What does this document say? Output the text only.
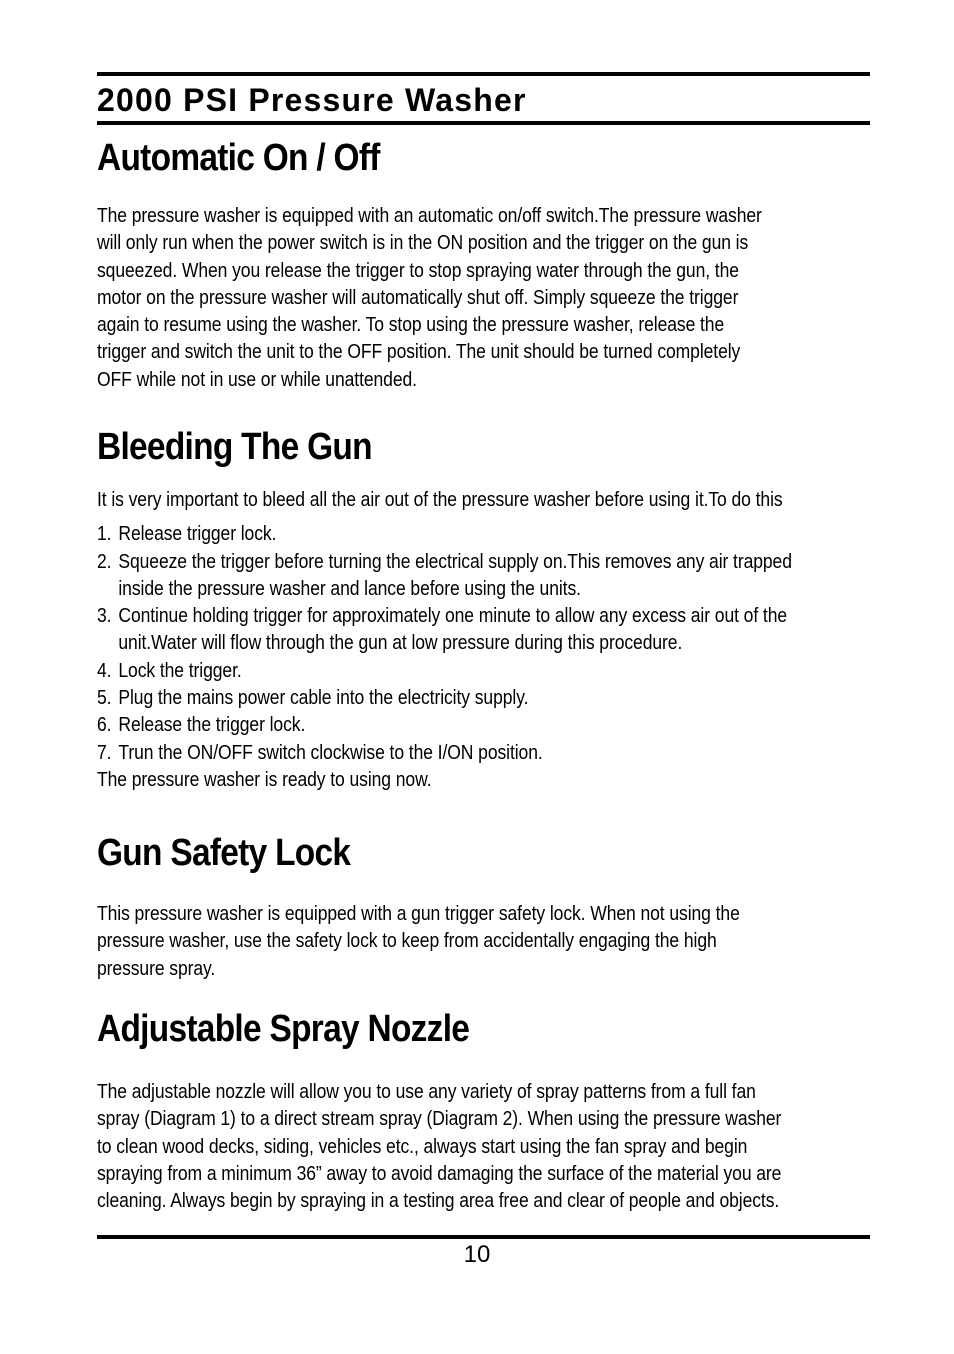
2000 PSI Pressure Washer
Automatic On / Off
The pressure washer is equipped with an automatic on/off switch.The pressure washer
will only run when the power switch is in the ON position and the trigger on the gun is
squeezed. When you release the trigger to stop spraying water through the gun, the
motor on the pressure washer will automatically shut off. Simply squeeze the trigger
again to resume using the washer. To stop using the pressure washer, release the
trigger and switch the unit to the OFF position. The unit should be turned completely
OFF while not in use or while unattended.
Bleeding The Gun
It is very important to bleed all the air out of the pressure washer before using it.To do this
1. Release trigger lock.
2. Squeeze the trigger before turning the electrical supply on.This removes any air trapped
inside the pressure washer and lance before using the units.
3. Continue holding trigger for approximately one minute to allow any excess air out of the
unit.Water will flow through the gun at low pressure during this procedure.
4. Lock the trigger.
5. Plug the mains power cable into the electricity supply.
6. Release the trigger lock.
7. Trun the ON/OFF switch clockwise to the I/ON position.
The pressure washer is ready to using now.
Gun Safety Lock
This pressure washer is equipped with a gun trigger safety lock. When not using the
pressure washer, use the safety lock to keep from accidentally engaging the high
pressure spray.
Adjustable Spray Nozzle
The adjustable nozzle will allow you to use any variety of spray patterns from a full fan
spray (Diagram 1) to a direct stream spray (Diagram 2). When using the pressure washer
to clean wood decks, siding, vehicles etc., always start using the fan spray and begin
spraying from a minimum 36” away to avoid damaging the surface of the material you are
cleaning. Always begin by spraying in a testing area free and clear of people and objects.
10
